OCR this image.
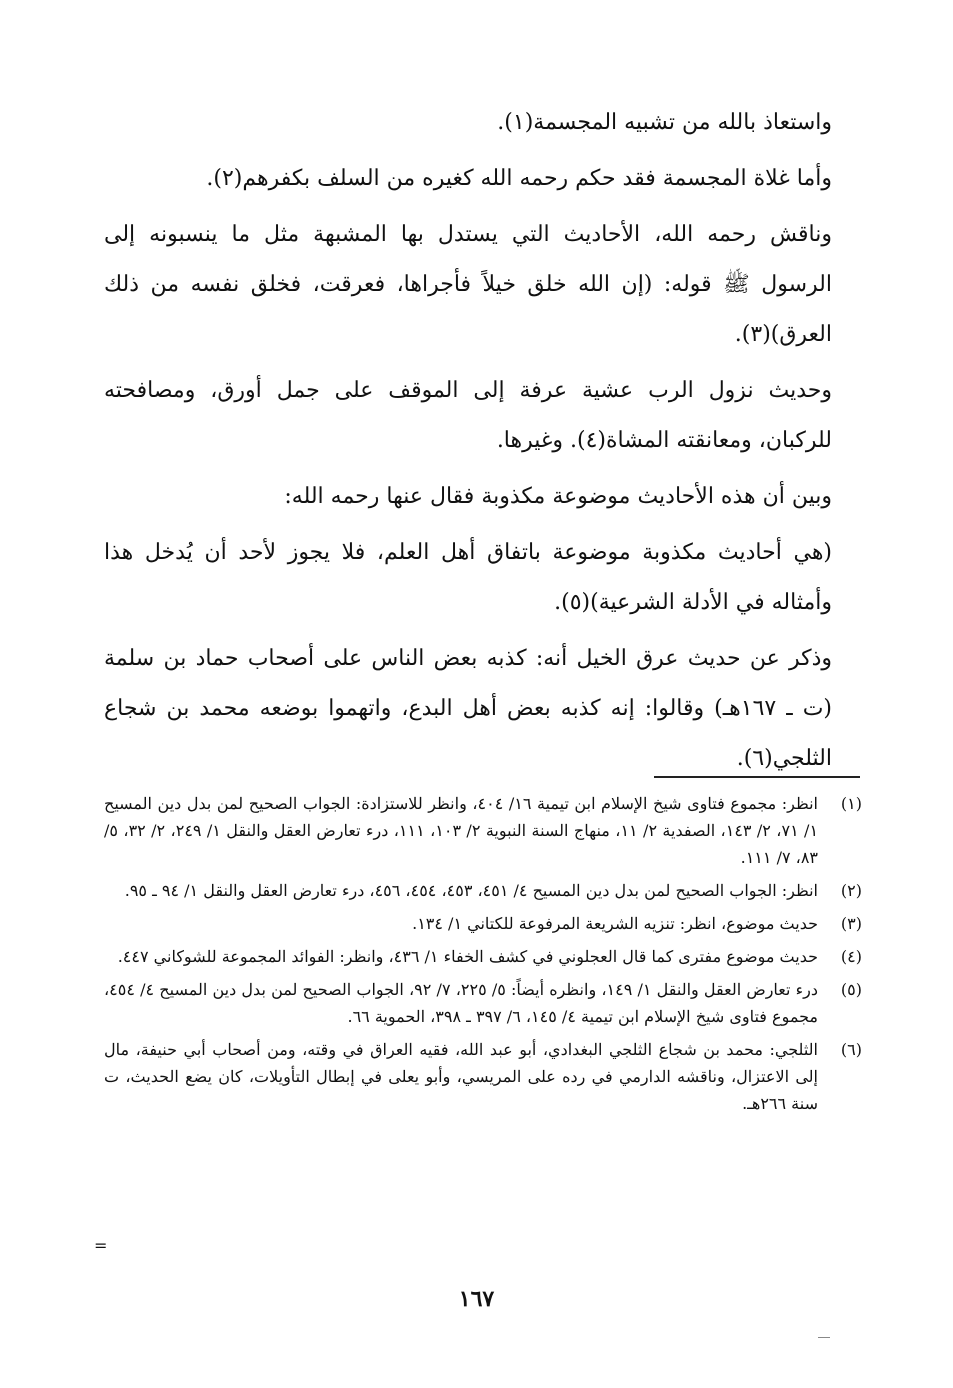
واستعاذ بالله من تشبيه المجسمة(١).

وأما غلاة المجسمة فقد حكم رحمه الله كغيره من السلف بكفرهم(٢).

وناقش رحمه الله، الأحاديث التي يستدل بها المشبهة مثل ما ينسبونه إلى الرسول ﷺ قوله: (إن الله خلق خيلاً فأجراها، فعرقت، فخلق نفسه من ذلك العرق)(٣).

وحديث نزول الرب عشية عرفة إلى الموقف على جمل أورق، ومصافحته للركبان، ومعانقته المشاة(٤). وغيرها.

وبين أن هذه الأحاديث موضوعة مكذوبة فقال عنها رحمه الله:

(هي أحاديث مكذوبة موضوعة باتفاق أهل العلم، فلا يجوز لأحد أن يُدخل هذا وأمثاله في الأدلة الشرعية)(٥).

وذكر عن حديث عرق الخيل أنه: كذبه بعض الناس على أصحاب حماد بن سلمة (ت ـ ١٦٧هـ) وقالوا: إنه كذبه بعض أهل البدع، واتهموا بوضعه محمد بن شجاع الثلجي(٦).

(١)
انظر: مجموع فتاوى شيخ الإسلام ابن تيمية ١٦/ ٤٠٤، وانظر للاستزادة: الجواب الصحيح لمن بدل دين المسيح ١/ ٧١، ٢/ ١٤٣، الصفدية ٢/ ١١، منهاج السنة النبوية ٢/ ١٠٣، ١١١، درء تعارض العقل والنقل ١/ ٢٤٩، ٢/ ٣٢، ٥/ ٨٣، ٧/ ١١١.
(٢)
انظر: الجواب الصحيح لمن بدل دين المسيح ٤/ ٤٥١، ٤٥٣، ٤٥٤، ٤٥٦، درء تعارض العقل والنقل ١/ ٩٤ ـ ٩٥.
(٣)
حديث موضوع، انظر: تنزيه الشريعة المرفوعة للكتاني ١/ ١٣٤.
(٤)
حديث موضوع مفترى كما قال العجلوني في كشف الخفاء ١/ ٤٣٦، وانظر: الفوائد المجموعة للشوكاني ٤٤٧.
(٥)
درء تعارض العقل والنقل ١/ ١٤٩، وانظره أيضاً: ٥/ ٢٢٥، ٧/ ٩٢، الجواب الصحيح لمن بدل دين المسيح ٤/ ٤٥٤، مجموع فتاوى شيخ الإسلام ابن تيمية ٤/ ١٤٥، ٦/ ٣٩٧ ـ ٣٩٨، الحموية ٦٦.
(٦)
الثلجي: محمد بن شجاع الثلجي البغدادي، أبو عبد الله، فقيه العراق في وقته، ومن أصحاب أبي حنيفة، مال إلى الاعتزال، وناقشه الدارمي في رده على المريسي، وأبو يعلى في إبطال التأويلات، كان يضع الحديث، ت سنة ٢٦٦هـ.
=
١٦٧
